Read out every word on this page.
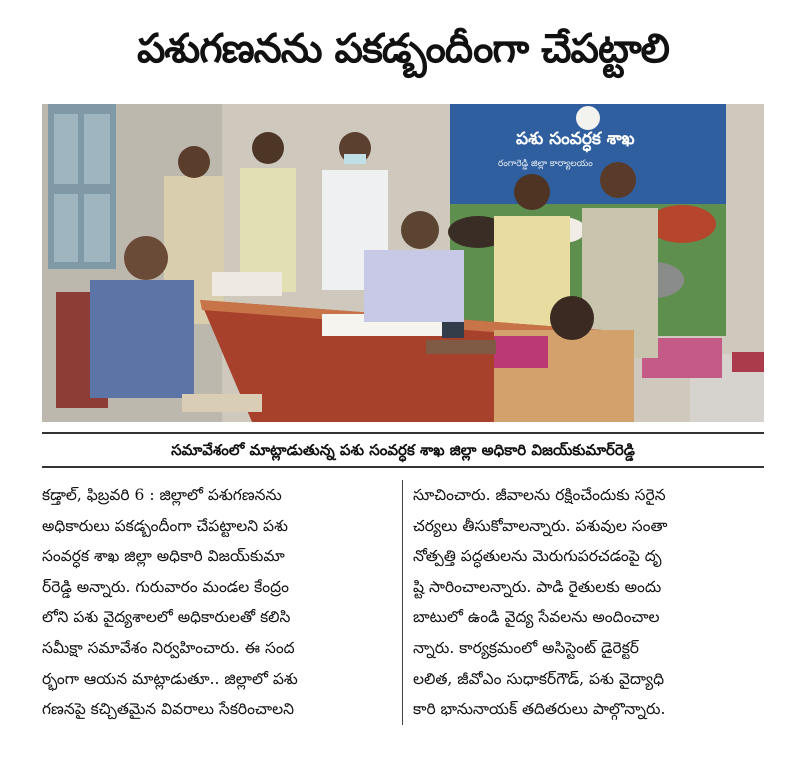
పశుగణనను పకడ్బందీంగా చేపట్టాలి
పశు సంవర్ధక శాఖ
రంగారెడ్డి జిల్లా కార్యాలయం
సమావేశంలో మాట్లాడుతున్న పశు సంవర్ధక శాఖ జిల్లా అధికారి విజయ్‌కుమార్‌రెడ్డి
కడ్తాల్, ఫిబ్రవరి 6 : జిల్లాలో పశుగణనను
అధికారులు పకడ్బందీంగా చేపట్టాలని పశు
సంవర్ధక శాఖ జిల్లా అధికారి విజయ్‌కుమా
ర్‌రెడ్డి అన్నారు. గురువారం మండల కేంద్రం
లోని పశు వైద్యశాలలో అధికారులతో కలిసి
సమీక్షా సమావేశం నిర్వహించారు. ఈ సంద
ర్భంగా ఆయన మాట్లాడుతూ.. జిల్లాలో పశు
గణనపై కచ్చితమైన వివరాలు సేకరించాలని
సూచించారు. జీవాలను రక్షించేందుకు సరైన
చర్యలు తీసుకోవాలన్నారు. పశువుల సంతా
నోత్పత్తి పద్ధతులను మెరుగుపరచడంపై దృ
ష్టి సారించాలన్నారు. పాడి రైతులకు అందు
బాటులో ఉండి వైద్య సేవలను అందించాల
న్నారు. కార్యక్రమంలో అసిస్టెంట్ డైరెక్టర్
లలిత, జీవోఎం సుధాకర్‌గౌడ్, పశు వైద్యాధి
కారి భానునాయక్ తదితరులు పాల్గొన్నారు.
